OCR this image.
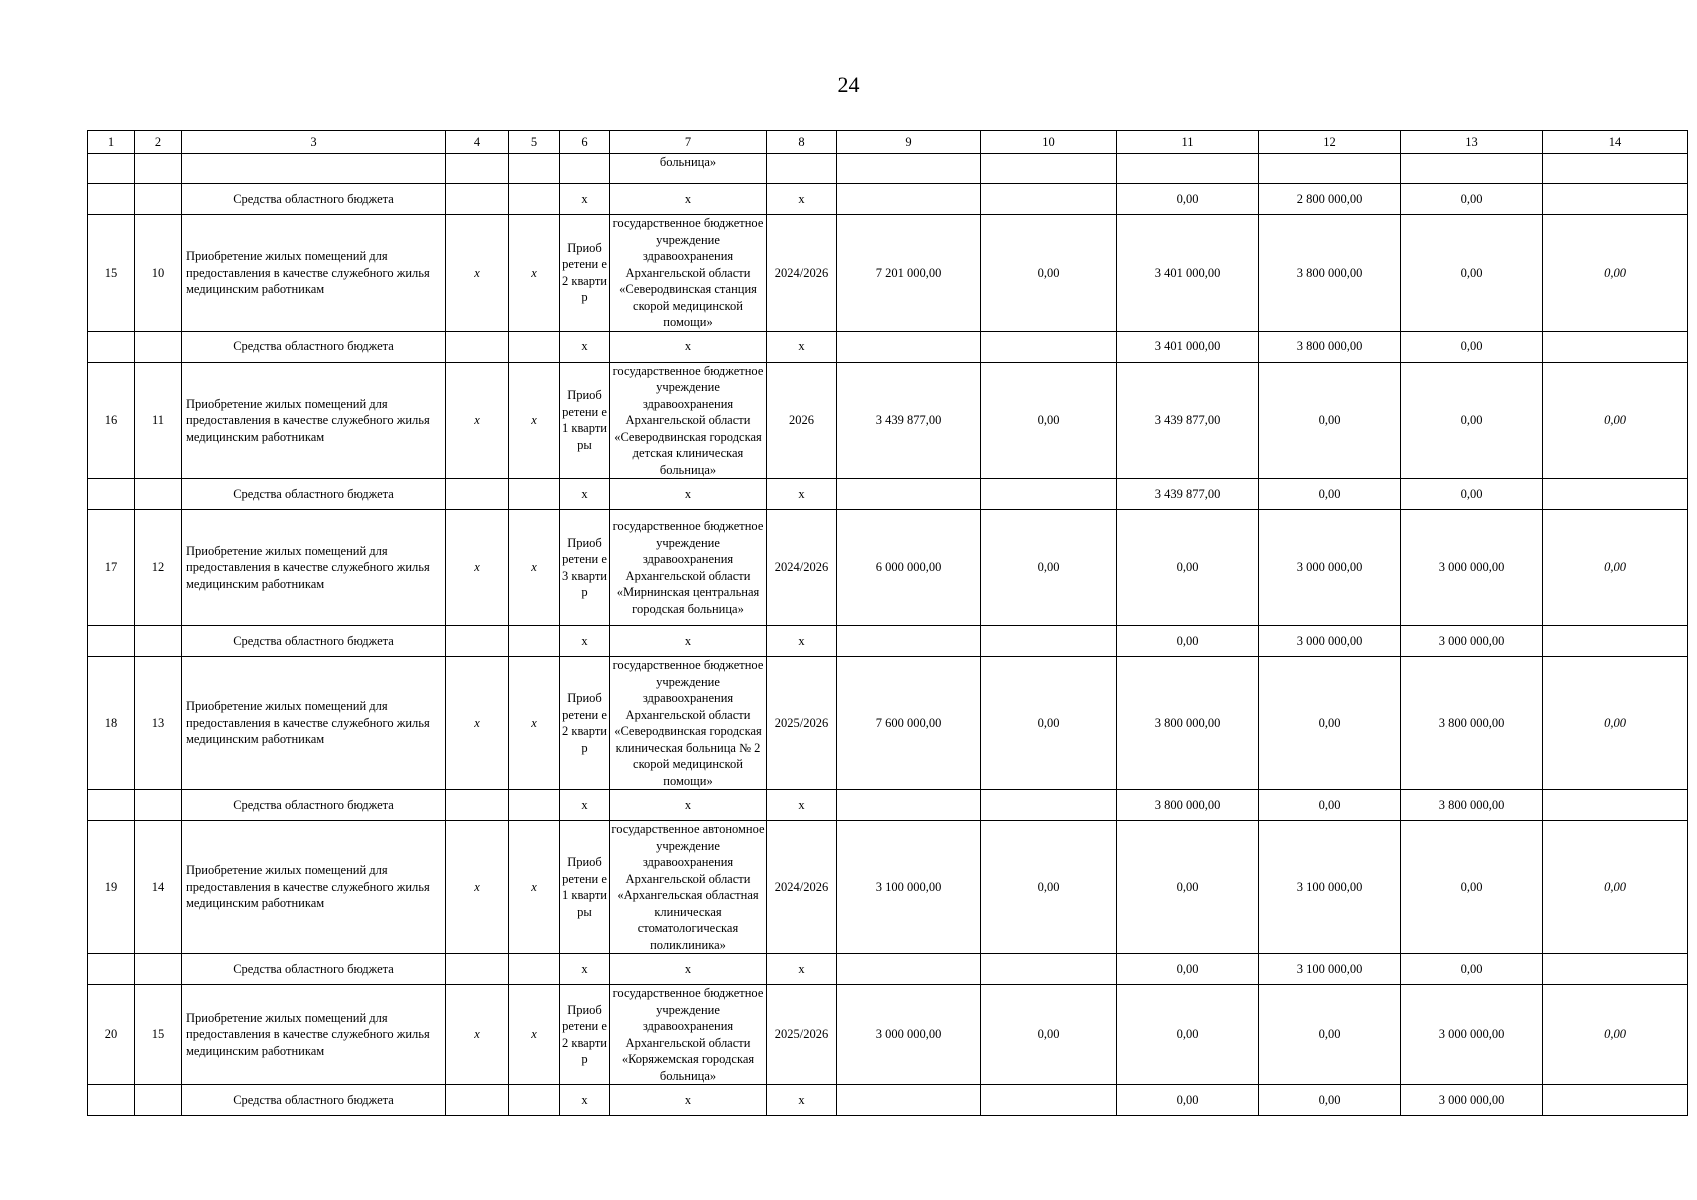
24
1	2	3	4	5	6	7	8	9	10	11	12	13	14
						больница»							
		Средства областного бюджета			х	х	х			0,00	2 800 000,00	0,00	
15	10	Приобретение жилых помещений для предоставления в качестве служебного жилья медицинским работникам	х	х	Приоб ретени е 2 кварти р	государственное бюджетное учреждение здравоохранения Архангельской области «Северодвинская станция скорой медицинской помощи»	2024/2026	7 201 000,00	0,00	3 401 000,00	3 800 000,00	0,00	0,00
		Средства областного бюджета			х	х	х			3 401 000,00	3 800 000,00	0,00	
16	11	Приобретение жилых помещений для предоставления в качестве служебного жилья медицинским работникам	х	х	Приоб ретени е 1 кварти ры	государственное бюджетное учреждение здравоохранения Архангельской области «Северодвинская городская детская клиническая больница»	2026	3 439 877,00	0,00	3 439 877,00	0,00	0,00	0,00
		Средства областного бюджета			х	х	х			3 439 877,00	0,00	0,00	
17	12	Приобретение жилых помещений для предоставления в качестве служебного жилья медицинским работникам	х	х	Приоб ретени е 3 кварти р	государственное бюджетное учреждение здравоохранения Архангельской области «Мирнинская центральная городская больница»	2024/2026	6 000 000,00	0,00	0,00	3 000 000,00	3 000 000,00	0,00
		Средства областного бюджета			х	х	х			0,00	3 000 000,00	3 000 000,00	
18	13	Приобретение жилых помещений для предоставления в качестве служебного жилья медицинским работникам	х	х	Приоб ретени е 2 кварти р	государственное бюджетное учреждение здравоохранения Архангельской области «Северодвинская городская клиническая больница № 2 скорой медицинской помощи»	2025/2026	7 600 000,00	0,00	3 800 000,00	0,00	3 800 000,00	0,00
		Средства областного бюджета			х	х	х			3 800 000,00	0,00	3 800 000,00	
19	14	Приобретение жилых помещений для предоставления в качестве служебного жилья медицинским работникам	х	х	Приоб ретени е 1 кварти ры	государственное автономное учреждение здравоохранения Архангельской области «Архангельская областная клиническая стоматологическая поликлиника»	2024/2026	3 100 000,00	0,00	0,00	3 100 000,00	0,00	0,00
		Средства областного бюджета			х	х	х			0,00	3 100 000,00	0,00	
20	15	Приобретение жилых помещений для предоставления в качестве служебного жилья медицинским работникам	х	х	Приоб ретени е 2 кварти р	государственное бюджетное учреждение здравоохранения Архангельской области «Коряжемская городская больница»	2025/2026	3 000 000,00	0,00	0,00	0,00	3 000 000,00	0,00
		Средства областного бюджета			х	х	х			0,00	0,00	3 000 000,00	
